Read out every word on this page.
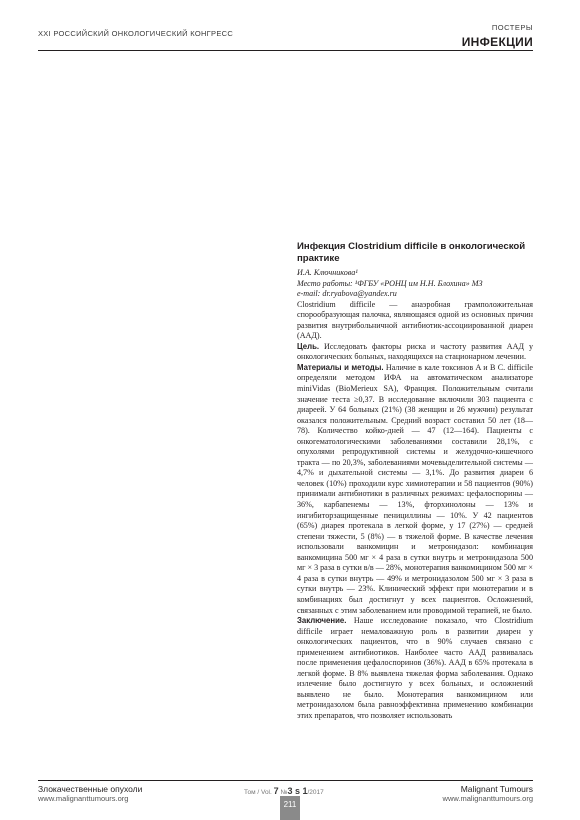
XXI РОССИЙСКИЙ ОНКОЛОГИЧЕСКИЙ КОНГРЕСС
ПОСТЕРЫ
ИНФЕКЦИИ
Инфекция Clostridium difficile в онкологической практике

И.А. Ключникова¹

Место работы: ¹ФГБУ «РОНЦ им Н.Н. Блохина» МЗ

e-mail: dr.ryabova@yandex.ru

Clostridium difficile — анаэробная грамположительная спорообразующая палочка, являющаяся одной из основных причин развития внутрибольничной антибиотик-ассоциированной диарен (ААД).

Цель. Исследовать факторы риска и частоту развития ААД у онкологических больных, находящихся на стационарном лечении.

Материалы и методы. Наличие в кале токсинов A и B C. difficile определяли методом ИФА на автоматическом анализаторе miniVidas (BioMerieux SA), Франция. Положительным считали значение теста ≥0,37. В исследование включили 303 пациента с диареей. У 64 больных (21%) (38 женщин и 26 мужчин) результат оказался положительным. Средний возраст составил 50 лет (18—78). Количество койко-дней — 47 (12—164). Пациенты с онкогематологическими заболеваниями составили 28,1%, с опухолями репродуктивной системы и желудочно-кишечного тракта — по 20,3%, заболеваниями мочевыделительной системы — 4,7% и дыхательной системы — 3,1%. До развития диареи 6 человек (10%) проходили курс химиотерапии и 58 пациентов (90%) принимали антибиотики в различных режимах: цефалоспорины — 36%, карбапенемы — 13%, фторхинолоны — 13% и ингибиторзащищенные пенициллины — 10%. У 42 пациентов (65%) диарея протекала в легкой форме, у 17 (27%) — средней степени тяжести, 5 (8%) — в тяжелой форме. В качестве лечения использовали ванкомицин и метронидазол: комбинация ванкомицина 500 мг × 4 раза в сутки внутрь и метронидазола 500 мг × 3 раза в сутки в/в — 28%, монотерапия ванкомицином 500 мг × 4 раза в сутки внутрь — 49% и метронидазолом 500 мг × 3 раза в сутки внутрь — 23%. Клинический эффект при монотерапии и в комбинациях был достигнут у всех пациентов. Осложнений, связанных с этим заболеванием или проводимой терапией, не было.

Заключение. Наше исследование показало, что Clostridium difficile играет немаловажную роль в развитии диарен у онкологических пациентов, что в 90% случаев связано с применением антибиотиков. Наиболее часто ААД развивалась после применения цефалоспоринов (36%). ААД в 65% протекала в легкой форме. В 8% выявлена тяжелая форма заболевания. Однако излечение было достигнуто у всех больных, и осложнений выявлено не было. Монотерапия ванкомицином или метронидазолом была равноэффективна применению комбинации этих препаратов, что позволяет использовать

Злокачественные опухоли
www.malignanttumours.org
Том / Vol. 7 №3 s 1/2017
211
Malignant Tumours
www.malignanttumours.org
